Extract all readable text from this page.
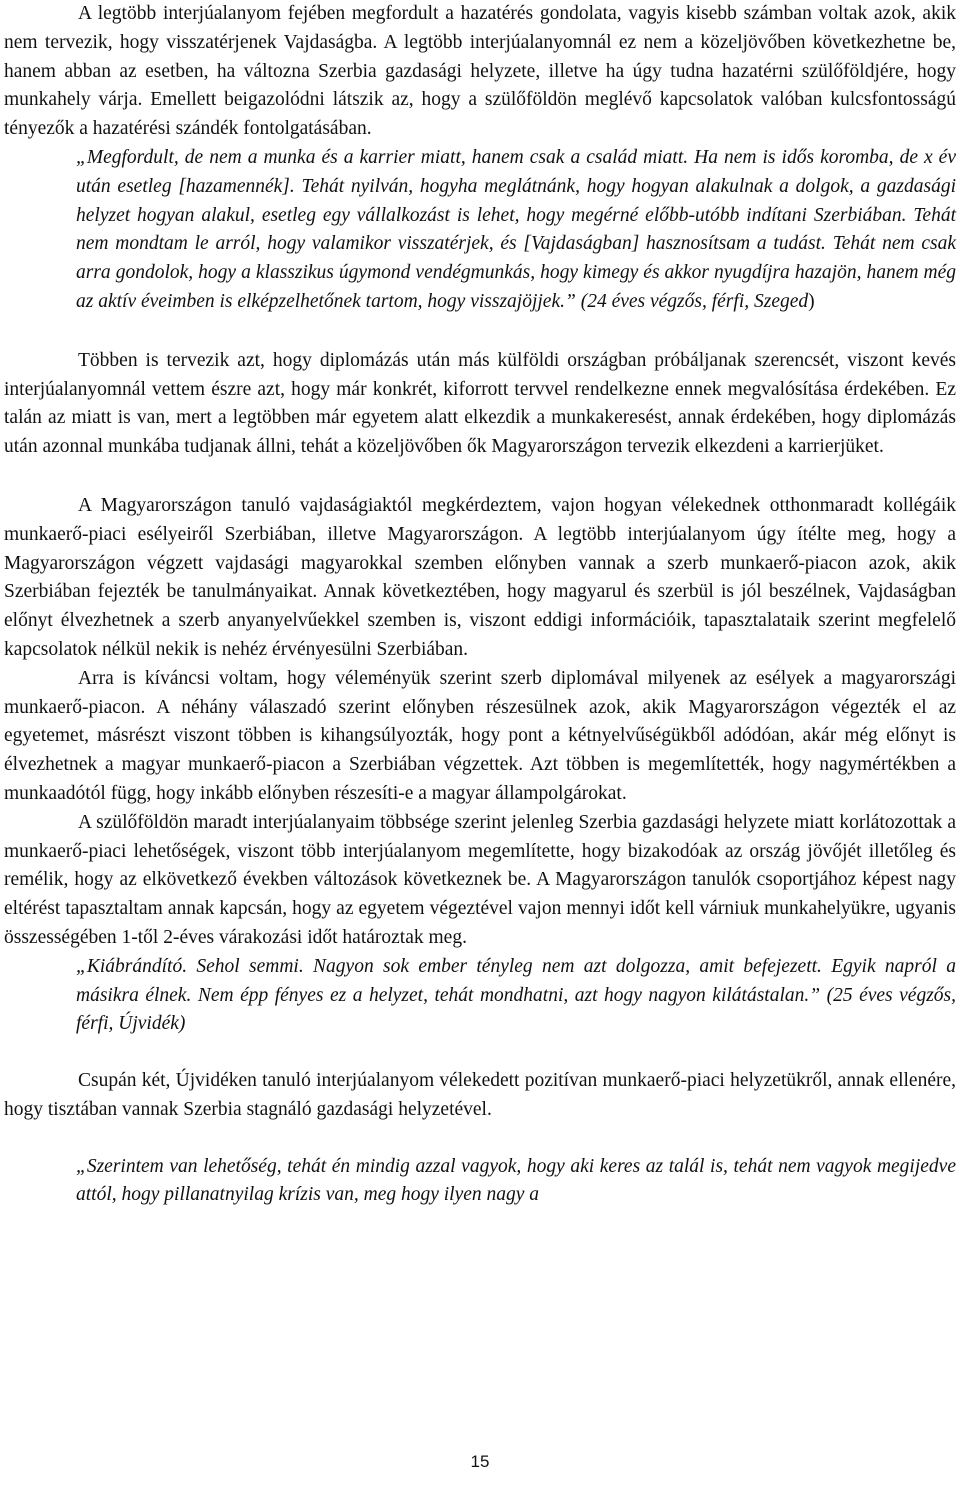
A legtöbb interjúalanyom fejében megfordult a hazatérés gondolata, vagyis kisebb számban voltak azok, akik nem tervezik, hogy visszatérjenek Vajdaságba. A legtöbb interjúalanyomnál ez nem a közeljövőben következhetne be, hanem abban az esetben, ha változna Szerbia gazdasági helyzete, illetve ha úgy tudna hazatérni szülőföldjére, hogy munkahely várja. Emellett beigazolódni látszik az, hogy a szülőföldön meglévő kapcsolatok valóban kulcsfontosságú tényezők a hazatérési szándék fontolgatásában.

„Megfordult, de nem a munka és a karrier miatt, hanem csak a család miatt. Ha nem is idős koromba, de x év után esetleg [hazamennék]. Tehát nyilván, hogyha meglátnánk, hogy hogyan alakulnak a dolgok, a gazdasági helyzet hogyan alakul, esetleg egy vállalkozást is lehet, hogy megérné előbb-utóbb indítani Szerbiában. Tehát nem mondtam le arról, hogy valamikor visszatérjek, és [Vajdaságban] hasznosítsam a tudást. Tehát nem csak arra gondolok, hogy a klasszikus úgymond vendégmunkás, hogy kimegy és akkor nyugdíjra hazajön, hanem még az aktív éveimben is elképzelhetőnek tartom, hogy visszajöjjek.” (24 éves végzős, férfi, Szeged)

Többen is tervezik azt, hogy diplomázás után más külföldi országban próbáljanak szerencsét, viszont kevés interjúalanyomnál vettem észre azt, hogy már konkrét, kiforrott tervvel rendelkezne ennek megvalósítása érdekében. Ez talán az miatt is van, mert a legtöbben már egyetem alatt elkezdik a munkakeresést, annak érdekében, hogy diplomázás után azonnal munkába tudjanak állni, tehát a közeljövőben ők Magyarországon tervezik elkezdeni a karrierjüket.

A Magyarországon tanuló vajdaságiaktól megkérdeztem, vajon hogyan vélekednek otthonmaradt kollégáik munkaerő-piaci esélyeiről Szerbiában, illetve Magyarországon. A legtöbb interjúalanyom úgy ítélte meg, hogy a Magyarországon végzett vajdasági magyarokkal szemben előnyben vannak a szerb munkaerő-piacon azok, akik Szerbiában fejezték be tanulmányaikat. Annak következtében, hogy magyarul és szerbül is jól beszélnek, Vajdaságban előnyt élvezhetnek a szerb anyanyelvűekkel szemben is, viszont eddigi információik, tapasztalataik szerint megfelelő kapcsolatok nélkül nekik is nehéz érvényesülni Szerbiában.

Arra is kíváncsi voltam, hogy véleményük szerint szerb diplomával milyenek az esélyek a magyarországi munkaerő-piacon. A néhány válaszadó szerint előnyben részesülnek azok, akik Magyarországon végezték el az egyetemet, másrészt viszont többen is kihangsúlyozták, hogy pont a kétnyelvűségükből adódóan, akár még előnyt is élvezhetnek a magyar munkaerő-piacon a Szerbiában végzettek. Azt többen is megemlítették, hogy nagymértékben a munkaadótól függ, hogy inkább előnyben részesíti-e a magyar állampolgárokat.

A szülőföldön maradt interjúalanyaim többsége szerint jelenleg Szerbia gazdasági helyzete miatt korlátozottak a munkaerő-piaci lehetőségek, viszont több interjúalanyom megemlítette, hogy bizakodóak az ország jövőjét illetőleg és remélik, hogy az elkövetkező években változások következnek be. A Magyarországon tanulók csoportjához képest nagy eltérést tapasztaltam annak kapcsán, hogy az egyetem végeztével vajon mennyi időt kell várniuk munkahelyükre, ugyanis összességében 1-től 2-éves várakozási időt határoztak meg.

„Kiábrándító. Sehol semmi. Nagyon sok ember tényleg nem azt dolgozza, amit befejezett. Egyik napról a másikra élnek. Nem épp fényes ez a helyzet, tehát mondhatni, azt hogy nagyon kilátástalan.” (25 éves végzős, férfi, Újvidék)

Csupán két, Újvidéken tanuló interjúalanyom vélekedett pozitívan munkaerő-piaci helyzetükről, annak ellenére, hogy tisztában vannak Szerbia stagnáló gazdasági helyzetével.

„Szerintem van lehetőség, tehát én mindig azzal vagyok, hogy aki keres az talál is, tehát nem vagyok megijedve attól, hogy pillanatnyilag krízis van, meg hogy ilyen nagy a

15
